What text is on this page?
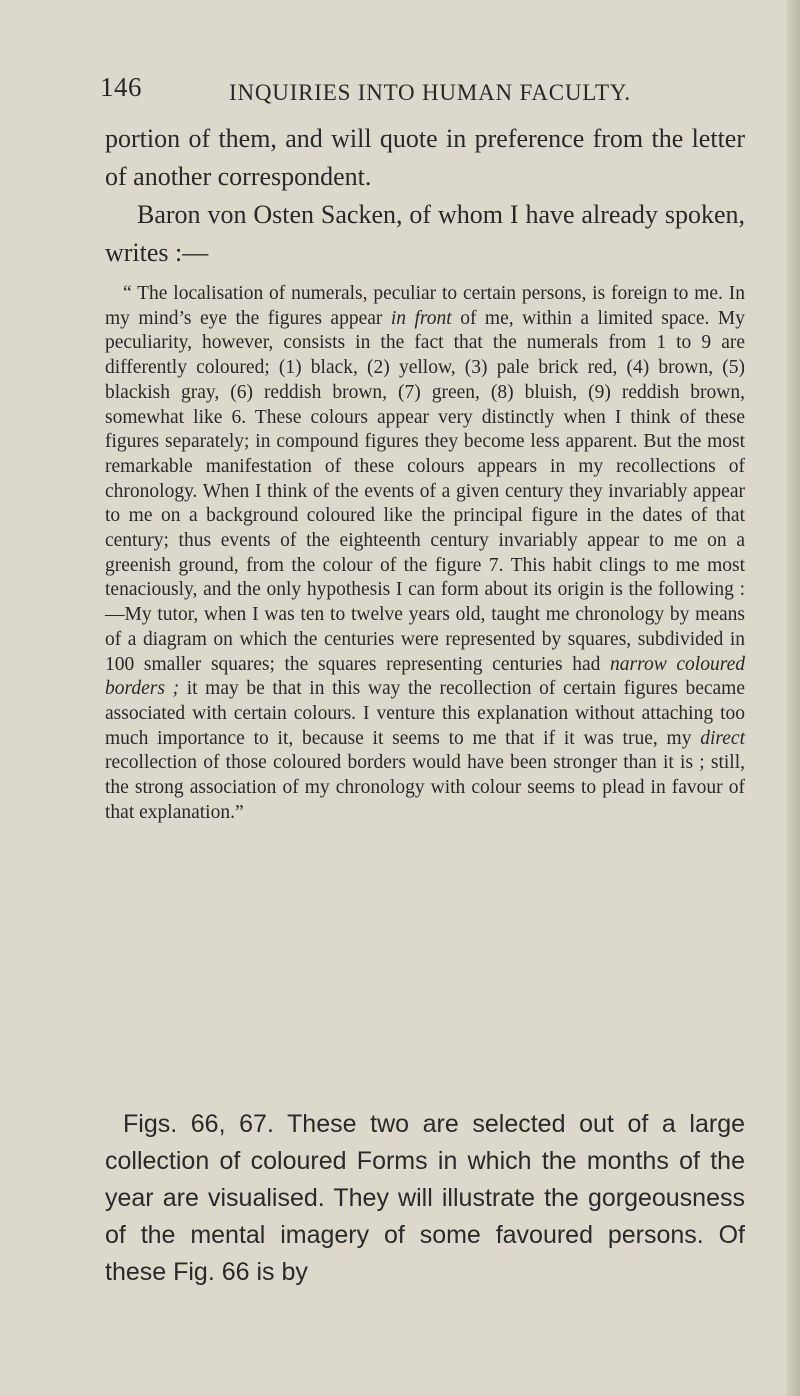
146	INQUIRIES INTO HUMAN FACULTY.

portion of them, and will quote in preference from the letter of another correspondent.

Baron von Osten Sacken, of whom I have already spoken, writes :—

“ The localisation of numerals, peculiar to certain persons, is foreign to me. In my mind’s eye the figures appear in front of me, within a limited space. My peculiarity, however, consists in the fact that the numerals from 1 to 9 are differently coloured; (1) black, (2) yellow, (3) pale brick red, (4) brown, (5) blackish gray, (6) reddish brown, (7) green, (8) bluish, (9) reddish brown, somewhat like 6. These colours appear very distinctly when I think of these figures separately; in compound figures they become less apparent. But the most remarkable manifestation of these colours appears in my recollections of chronology. When I think of the events of a given century they invariably appear to me on a background coloured like the principal figure in the dates of that century; thus events of the eighteenth century invariably appear to me on a greenish ground, from the colour of the figure 7. This habit clings to me most tenaciously, and the only hypothesis I can form about its origin is the following :—My tutor, when I was ten to twelve years old, taught me chronology by means of a diagram on which the centuries were represented by squares, subdivided in 100 smaller squares; the squares representing centuries had narrow coloured borders ; it may be that in this way the recollection of certain figures became associated with certain colours. I venture this explanation without attaching too much importance to it, because it seems to me that if it was true, my direct recollection of those coloured borders would have been stronger than it is ; still, the strong association of my chronology with colour seems to plead in favour of that explanation.”

Figs. 66, 67. These two are selected out of a large collection of coloured Forms in which the months of the year are visualised. They will illustrate the gorgeousness of the mental imagery of some favoured persons. Of these Fig. 66 is by
